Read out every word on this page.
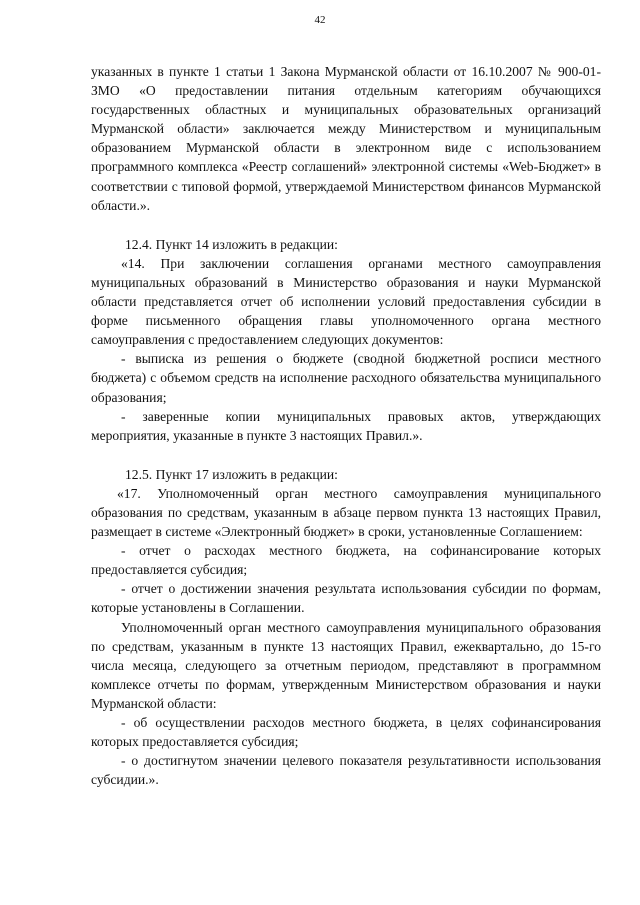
42

указанных в пункте 1 статьи 1 Закона Мурманской области от 16.10.2007 № 900-01-ЗМО «О предоставлении питания отдельным категориям обучающихся государственных областных и муниципальных образовательных организаций Мурманской области» заключается между Министерством и муниципальным образованием Мурманской области в электронном виде с использованием программного комплекса «Реестр соглашений» электронной системы «Web-Бюджет» в соответствии с типовой формой, утверждаемой Министерством финансов Мурманской области.».

12.4. Пункт 14 изложить в редакции:

«14. При заключении соглашения органами местного самоуправления муниципальных образований в Министерство образования и науки Мурманской области представляется отчет об исполнении условий предоставления субсидии в форме письменного обращения главы уполномоченного органа местного самоуправления с предоставлением следующих документов:

- выписка из решения о бюджете (сводной бюджетной росписи местного бюджета) с объемом средств на исполнение расходного обязательства муниципального образования;

- заверенные копии муниципальных правовых актов, утверждающих мероприятия, указанные в пункте 3 настоящих Правил.».

12.5. Пункт 17 изложить в редакции:

«17. Уполномоченный орган местного самоуправления муниципального образования по средствам, указанным в абзаце первом пункта 13 настоящих Правил, размещает в системе «Электронный бюджет» в сроки, установленные Соглашением:

- отчет о расходах местного бюджета, на софинансирование которых предоставляется субсидия;

- отчет о достижении значения результата использования субсидии по формам, которые установлены в Соглашении.

Уполномоченный орган местного самоуправления муниципального образования по средствам, указанным в пункте 13 настоящих Правил, ежеквартально, до 15-го числа месяца, следующего за отчетным периодом, представляют в программном комплексе отчеты по формам, утвержденным Министерством образования и науки Мурманской области:

- об осуществлении расходов местного бюджета, в целях софинансирования которых предоставляется субсидия;

- о достигнутом значении целевого показателя результативности использования субсидии.».
